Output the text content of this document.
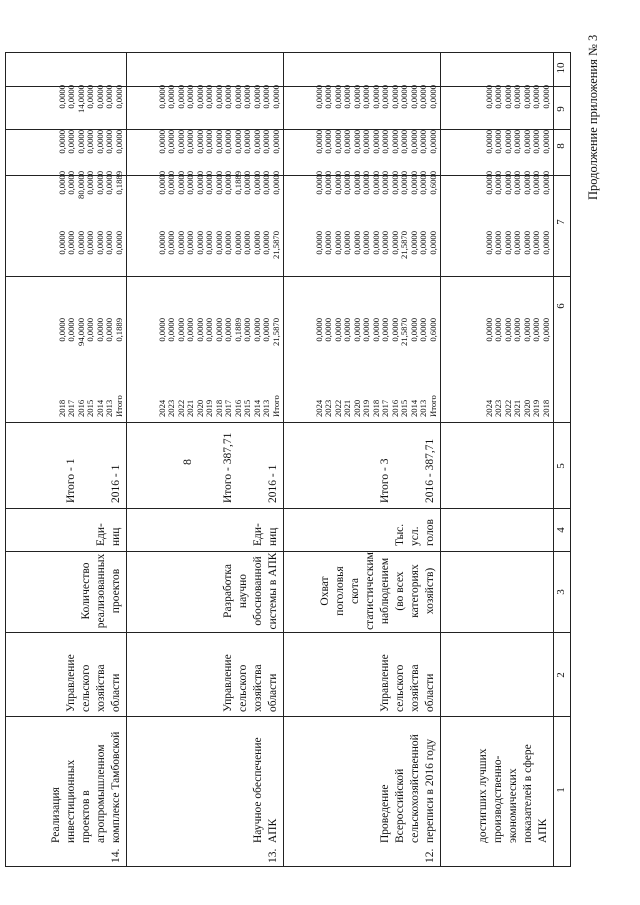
8
Продолжение приложения № 3
1
2
3
4
5
6
7
8
9
10
достигших лучших
производственно-
экономических
показателей в сфере
АПК
2018
2019
2020
2021
2022
2023
2024
0,0000
0,0000
0,0000
0,0000
0,0000
0,0000
0,0000
0,0000
0,0000
0,0000
0,0000
0,0000
0,0000
0,0000
0,0000
0,0000
0,0000
0,0000
0,0000
0,0000
0,0000
0,0000
0,0000
0,0000
0,0000
0,0000
0,0000
0,0000
0,0000
0,0000
0,0000
0,0000
0,0000
0,0000
0,0000
12.
Проведение
Всероссийской
сельскохозяйственной
переписи в 2016 году
Управление
сельского
хозяйства
области
Охват поголовья
скота
статистическим
наблюдением
(во всех
категориях
хозяйств)
Тыс.
усл.
голов
Итого - 3

2016 - 387,71
Итого
2013
2014
2015
2016
2017
2018
2019
2020
2021
2022
2023
2024
0,6000
0,0000
0,0000
21,5870
0,0000
0,0000
0,0000
0,0000
0,0000
0,0000
0,0000
0,0000
0,0000
0,0000
0,0000
0,0000
21,5870
0,0000
0,0000
0,0000
0,0000
0,0000
0,0000
0,0000
0,0000
0,0000
0,6000
0,0000
0,0000
0,0000
0,0000
0,0000
0,0000
0,0000
0,0000
0,0000
0,0000
0,0000
0,0000
0,0000
0,0000
0,0000
0,0000
0,0000
0,0000
0,0000
0,0000
0,0000
0,0000
0,0000
0,0000
0,0000
0,0000
0,0000
0,0000
0,0000
0,0000
0,0000
0,0000
0,0000
0,0000
0,0000
0,0000
0,0000
0,0000
13.
Научное обеспечение
АПК
Управление
сельского
хозяйства
области
Разработка
научно
обоснованной
системы в АПК
Еди-
ниц
Итого - 387,71

2016 - 1
Итого
2013
2014
2015
2016
2017
2018
2019
2020
2021
2022
2023
2024
21,5870
0,0000
0,0000
0,0000
0,1889
0,0000
0,0000
0,0000
0,0000
0,0000
0,0000
0,0000
0,0000
21,5870
0,0000
0,0000
0,0000
0,0000
0,0000
0,0000
0,0000
0,0000
0,0000
0,0000
0,0000
0,0000
0,0000
0,0000
0,0000
0,0000
0,1889
0,0000
0,0000
0,0000
0,0000
0,0000
0,0000
0,0000
0,0000
0,0000
0,0000
0,0000
0,0000
0,0000
0,0000
0,0000
0,0000
0,0000
0,0000
0,0000
0,0000
0,0000
0,0000
0,0000
0,0000
0,0000
0,0000
0,0000
0,0000
0,0000
0,0000
0,0000
0,0000
0,0000
0,0000
14.
Реализация
инвестиционных
проектов в
агропромышленном
комплексе Тамбовской
Управление
сельского
хозяйства
области
Количество
реализованных
проектов
Еди-
ниц
Итого - 1

2016 - 1
Итого
2013
2014
2015
2016
2017
2018
0,1889
0,0000
0,0000
0,0000
94,0000
0,0000
0,0000
0,0000
0,0000
0,0000
0,0000
0,0000
0,0000
0,0000
0,1889
0,0000
0,0000
0,0000
80,0000
0,0000
0,0000
0,0000
0,0000
0,0000
0,0000
0,0000
0,0000
0,0000
0,0000
0,0000
0,0000
0,0000
14,0000
0,0000
0,0000
